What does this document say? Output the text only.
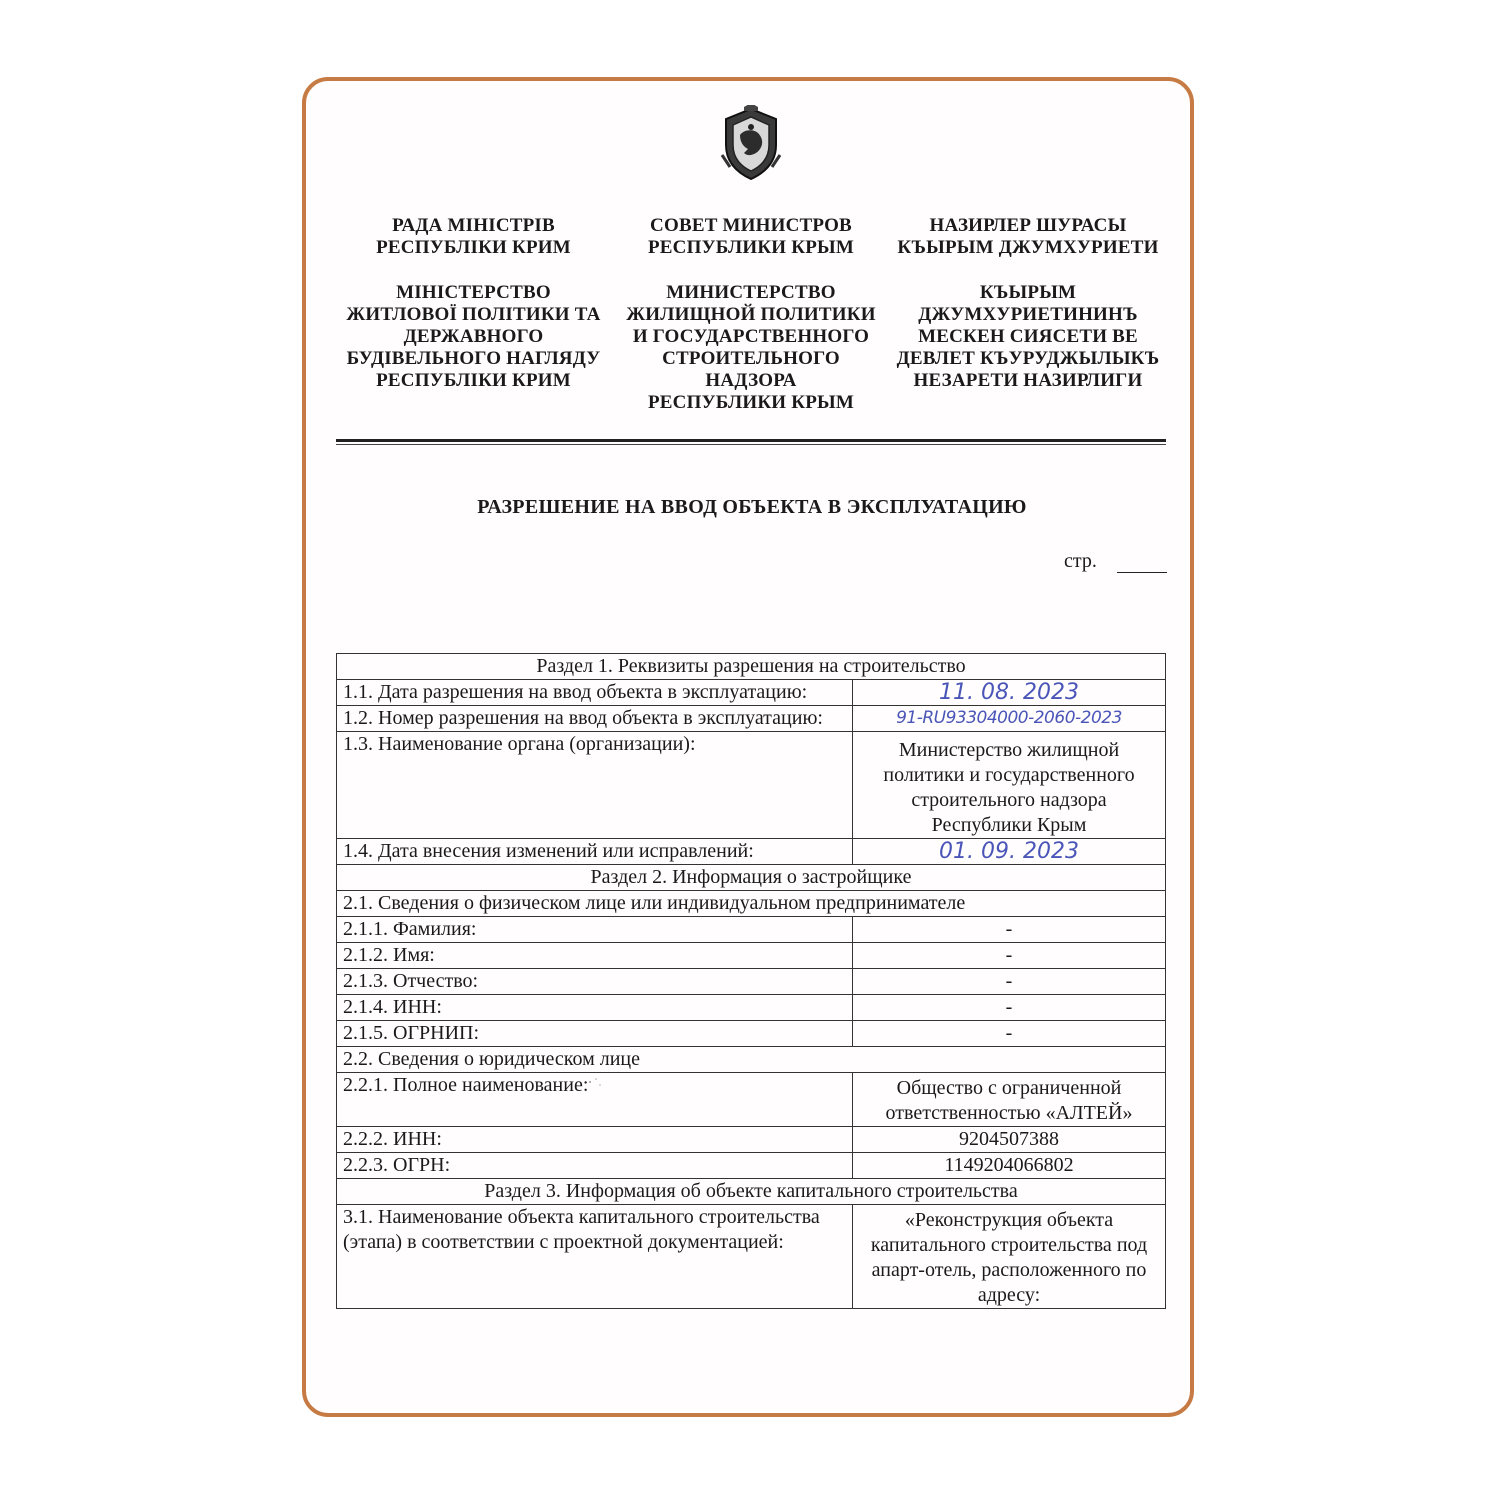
РАДА МІНІСТРІВ
РЕСПУБЛІКИ КРИМ
СОВЕТ МИНИСТРОВ
РЕСПУБЛИКИ КРЫМ
НАЗИРЛЕР ШУРАСЫ
КЪЫРЫМ ДЖУМХУРИЕТИ
МІНІСТЕРСТВО
ЖИТЛОВОЇ ПОЛІТИКИ ТА
ДЕРЖАВНОГО
БУДІВЕЛЬНОГО НАГЛЯДУ
РЕСПУБЛІКИ КРИМ
МИНИСТЕРСТВО
ЖИЛИЩНОЙ ПОЛИТИКИ
И ГОСУДАРСТВЕННОГО
СТРОИТЕЛЬНОГО
НАДЗОРА
РЕСПУБЛИКИ КРЫМ
КЪЫРЫМ
ДЖУМХУРИЕТИНИНЪ
МЕСКЕН СИЯСЕТИ ВЕ
ДЕВЛЕТ КЪУРУДЖЫЛЫКЪ
НЕЗАРЕТИ НАЗИРЛИГИ
РАЗРЕШЕНИЕ НА ВВОД ОБЪЕКТА В ЭКСПЛУАТАЦИЮ
стр.
Раздел 1. Реквизиты разрешения на строительство	
1.1. Дата разрешения на ввод объекта в эксплуатацию:	11. 08. 2023
1.2. Номер разрешения на ввод объекта в эксплуатацию:	91-RU93304000-2060-2023
1.3. Наименование органа (организации):	Министерство жилищной политики и государственного строительного надзора Республики Крым
1.4. Дата внесения изменений или исправлений:	01. 09. 2023
Раздел 2. Информация о застройщике	
2.1. Сведения о физическом лице или индивидуальном предпринимателе	
2.1.1. Фамилия:	-
2.1.2. Имя:	-
2.1.3. Отчество:	-
2.1.4. ИНН:	-
2.1.5. ОГРНИП:	-
2.2. Сведения о юридическом лице	
2.2.1. Полное наименование:	Общество с ограниченной ответственностью «АЛТЕЙ»
2.2.2. ИНН:	9204507388
2.2.3. ОГРН:	1149204066802
Раздел 3. Информация об объекте капитального строительства	
3.1. Наименование объекта капитального строительства (этапа) в соответствии с проектной документацией:	«Реконструкция объекта капитального строительства под апарт-отель, расположенного по адресу:
